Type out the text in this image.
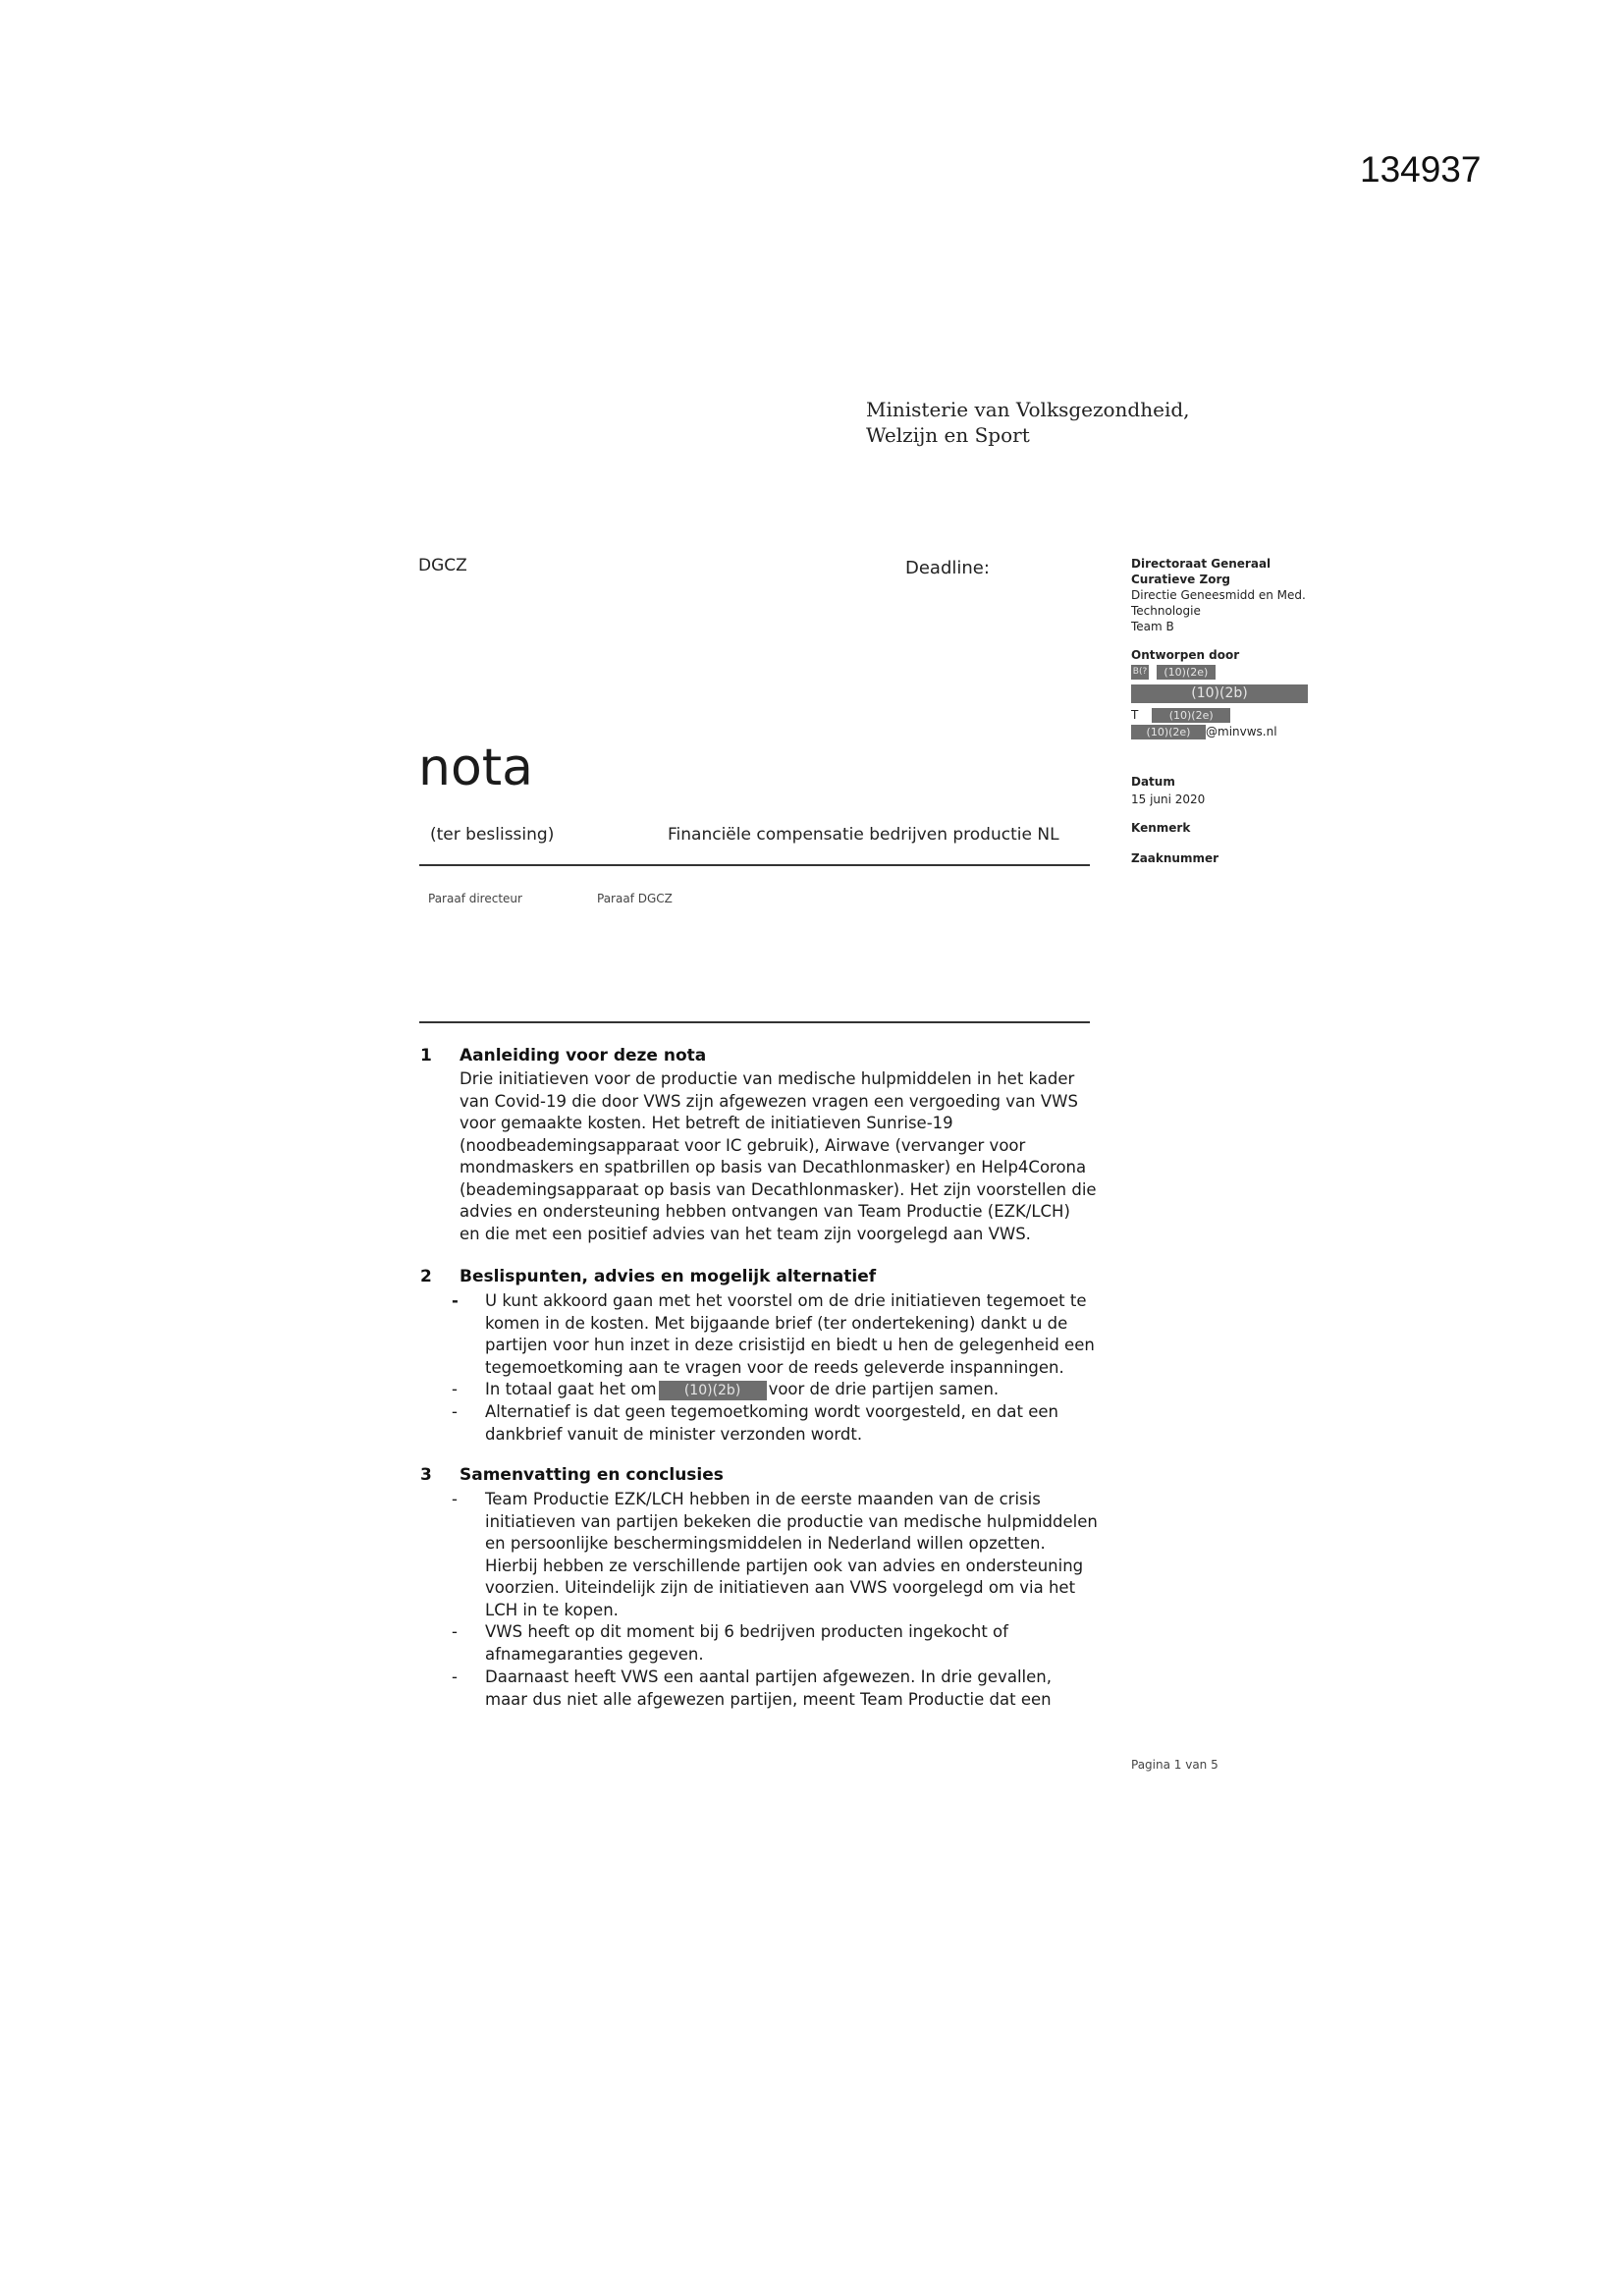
134937
Ministerie van Volksgezondheid,
Welzijn en Sport
DGCZ	Deadline:	Directoraat Generaal
Curatieve Zorg
Directie Geneesmidd en Med.
Technologie
Team B
Ontworpen door
B(? (10)(2e)
(10)(2b)
T	(10)(2e)
(10)(2e) @minvws.nl
Datum
15 juni 2020
Kenmerk
Zaaknummer
nota
(ter beslissing)	Financiële compensatie bedrijven productie NL
Paraaf directeur	Paraaf DGCZ
1 Aanleiding voor deze nota

Drie initiatieven voor de productie van medische hulpmiddelen in het kader

van Covid-19 die door VWS zijn afgewezen vragen een vergoeding van VWS

voor gemaakte kosten. Het betreft de initiatieven Sunrise-19

(noodbeademingsapparaat voor IC gebruik), Airwave (vervanger voor

mondmaskers en spatbrillen op basis van Decathlonmasker) en Help4Corona

(beademingsapparaat op basis van Decathlonmasker). Het zijn voorstellen die

advies en ondersteuning hebben ontvangen van Team Productie (EZK/LCH)

en die met een positief advies van het team zijn voorgelegd aan VWS.

2 Beslispunten, advies en mogelijk alternatief
-	U kunt akkoord gaan met het voorstel om de drie initiatieven tegemoet te

komen in de kosten. Met bijgaande brief (ter ondertekening) dankt u de

partijen voor hun inzet in deze crisistijd en biedt u hen de gelegenheid een

tegemoetkoming aan te vragen voor de reeds geleverde inspanningen.

-	In totaal gaat het om (10)(2b) voor de drie partijen samen.

-	Alternatief is dat geen tegemoetkoming wordt voorgesteld, en dat een

dankbrief vanuit de minister verzonden wordt.

3 Samenvatting en conclusies
-	Team Productie EZK/LCH hebben in de eerste maanden van de crisis

initiatieven van partijen bekeken die productie van medische hulpmiddelen

en persoonlijke beschermingsmiddelen in Nederland willen opzetten.

Hierbij hebben ze verschillende partijen ook van advies en ondersteuning

voorzien. Uiteindelijk zijn de initiatieven aan VWS voorgelegd om via het

LCH in te kopen.

-	VWS heeft op dit moment bij 6 bedrijven producten ingekocht of

afnamegaranties gegeven.

-	Daarnaast heeft VWS een aantal partijen afgewezen. In drie gevallen,

maar dus niet alle afgewezen partijen, meent Team Productie dat een

Pagina 1 van 5
